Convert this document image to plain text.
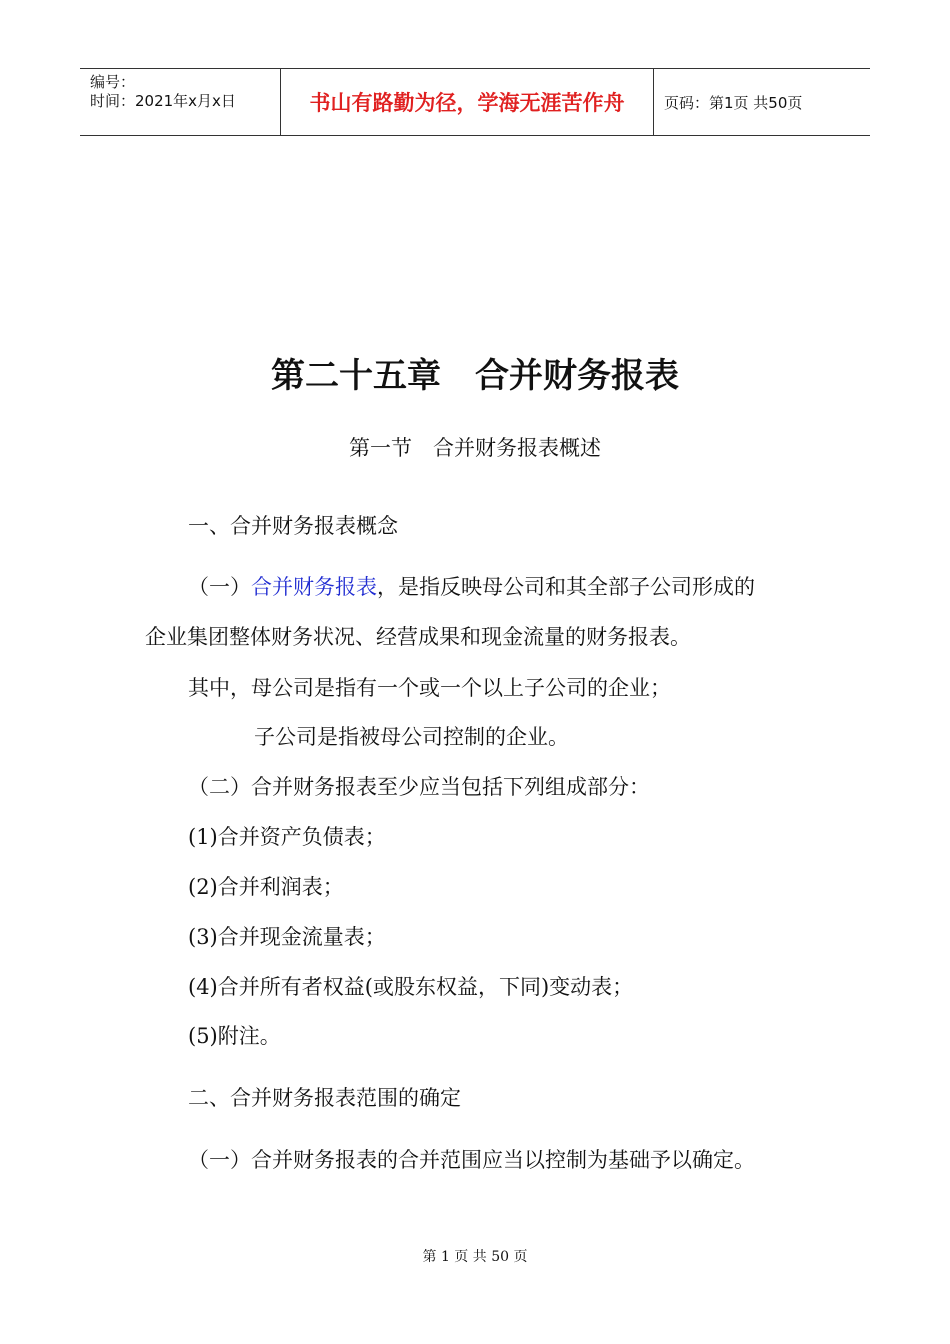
编号：
时间：2021年x月x日	书山有路勤为径，学海无涯苦作舟	页码：第1页 共50页
第二十五章　合并财务报表
第一节　合并财务报表概述
一、合并财务报表概念
（一）合并财务报表，是指反映母公司和其全部子公司形成的
企业集团整体财务状况、经营成果和现金流量的财务报表。
其中，母公司是指有一个或一个以上子公司的企业；
子公司是指被母公司控制的企业。
（二）合并财务报表至少应当包括下列组成部分：
(1)合并资产负债表；
(2)合并利润表；
(3)合并现金流量表；
(4)合并所有者权益(或股东权益，下同)变动表；
(5)附注。
二、合并财务报表范围的确定
（一）合并财务报表的合并范围应当以控制为基础予以确定。
第 1 页 共 50 页
